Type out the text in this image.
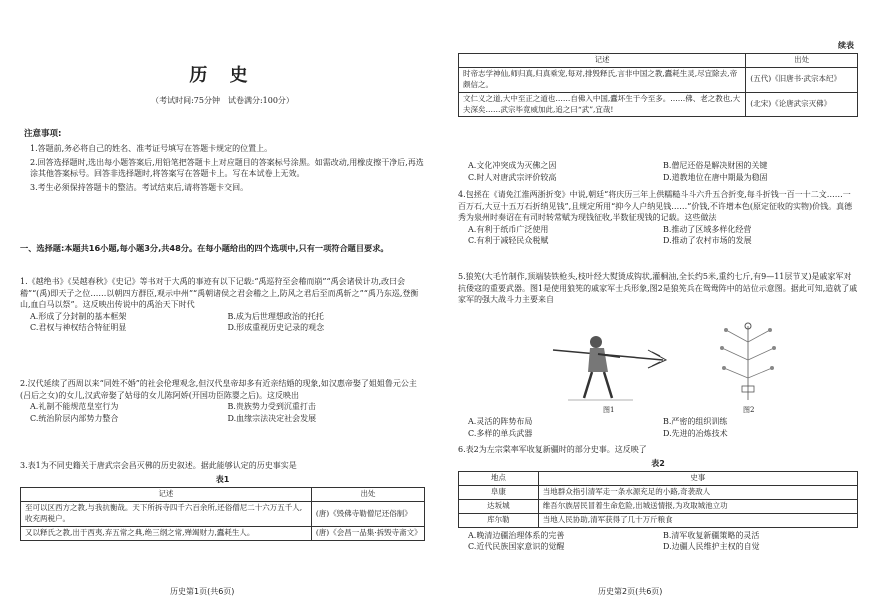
历 史
（考试时间:75分钟　试卷满分:100分）
注意事项:

1.答题前,务必将自己的姓名、准考证号填写在答题卡规定的位置上。

2.回答选择题时,选出每小题答案后,用铅笔把答题卡上对应题目的答案标号涂黑。如需改动,用橡皮擦干净后,再选涂其他答案标号。回答非选择题时,将答案写在答题卡上。写在本试卷上无效。

3.考生必须保持答题卡的整洁。考试结束后,请将答题卡交回。

一、选择题:本题共16小题,每小题3分,共48分。在每小题给出的四个选项中,只有一项符合题目要求。

1.《越绝书》《吴越春秋》《史记》等书对于大禹的事迹有以下记载:“禹巡狩至会稽而崩”“禹会诸侯计功,改曰会稽”“(禹)即天子之位……以朝四方群臣,观示中州”“禹朝诸侯之君会稽之上,防风之君后至而禹斩之”“禹乃东巡,登衡山,血白马以祭”。这反映出传说中的禹治天下时代

A.形成了分封制的基本框架	B.成为后世理想政治的托托
C.君权与神权结合特征明显	D.形成重视历史记录的观念

2.汉代延续了西周以来“同姓不婚”的社会伦理观念,但汉代皇帝却多有近亲结婚的现象,如汉惠帝娶了姐姐鲁元公主(吕后之女)的女儿,汉武帝娶了姑母的女儿陈阿娇(开国功臣陈婴之后)。这反映出

A.礼制不能规范皇室行为	B.贵族势力受到沉重打击
C.统治阶层内部势力整合	D.血缘宗法决定社会发展

3.表1为不同史籍关于唐武宗会昌灭佛的历史叙述。据此能够认定的历史事实是

表1
记述	出处
至可以区西方之教,与我抗衡哉。天下所拆寺四千六百余所,还俗僧尼二十六万五千人,收充两税户。	(唐)《毁佛寺勒僧尼还俗制》
又以释氏之教,出于西夷,弃五常之典,绝三纲之常,殚竭财力,蠹耗生人。	(唐)《会昌一品集·拆毁寺斋文》
历史第1页(共6页)
续表
记述	出处
时帝志学神仙,师归真,归真乘宠,每对,排毁释氏,言非中国之教,蠹耗生灵,尽宜除去,帝颇信之。	(五代)《旧唐书·武宗本纪》
文仁义之道,大中至正之道也……自佛入中国,蠹坏生于今至多。……佛、老之教也,大夫深矣……武宗毕竟威加此,追之曰“武”,宜哉!	(北宋)《论唐武宗灭佛》
A.文化冲突成为灭佛之因	B.僧尼还俗是解决财困的关键
C.时人对唐武宗评价较高	D.道教地位在唐中期最为稳固

4.包拯在《请免江淮两浙折变》中说,朝廷“将庆历三年上供糯糙斗斗六升五合折变,每斗折钱一百一十二文……一百万石,大豆十五万石折纳见钱”,且规定所用“抑今人户纳见钱……”价钱,不许增本色(原定征收的实物)价钱。真德秀为泉州时奏诏在有司时转常赋为现钱征收,半数征现钱的记载。这些做法

A.有利于纸币广泛使用	B.推动了区域多样化经营
C.有利于减轻民众税赋	D.推动了农村市场的发展

5.狼筅(大毛竹制作,顶端装铁枪头,枝叶经大熨烫成钩状,灌桐油,全长约5米,重约七斤,有9—11层节叉)是戚家军对抗倭寇的重要武器。图1是使用狼筅的戚家军士兵形象,图2是狼筅兵在鸳鸯阵中的站位示意图。据此可知,造就了戚家军的强大战斗力主要来自

图1	图2
A.灵活的阵势布局	B.严密的组织训练
C.多样的单兵武器	D.先进的冶炼技术

6.表2为左宗棠率军收复新疆时的部分史事。这反映了

表2
地点	史事
阜康	当地群众指引清军走一条水源充足的小路,奇袭敌人
达坂城	维吾尔族居民冒着生命危险,出城送情报,为攻取城池立功
库尔勒	当地人民协助,清军获得了几十万斤粮食
A.晚清边疆治理体系的完善	B.清军收复新疆策略的灵活
C.近代民族国家意识的觉醒	D.边疆人民维护主权的自觉
历史第2页(共6页)
